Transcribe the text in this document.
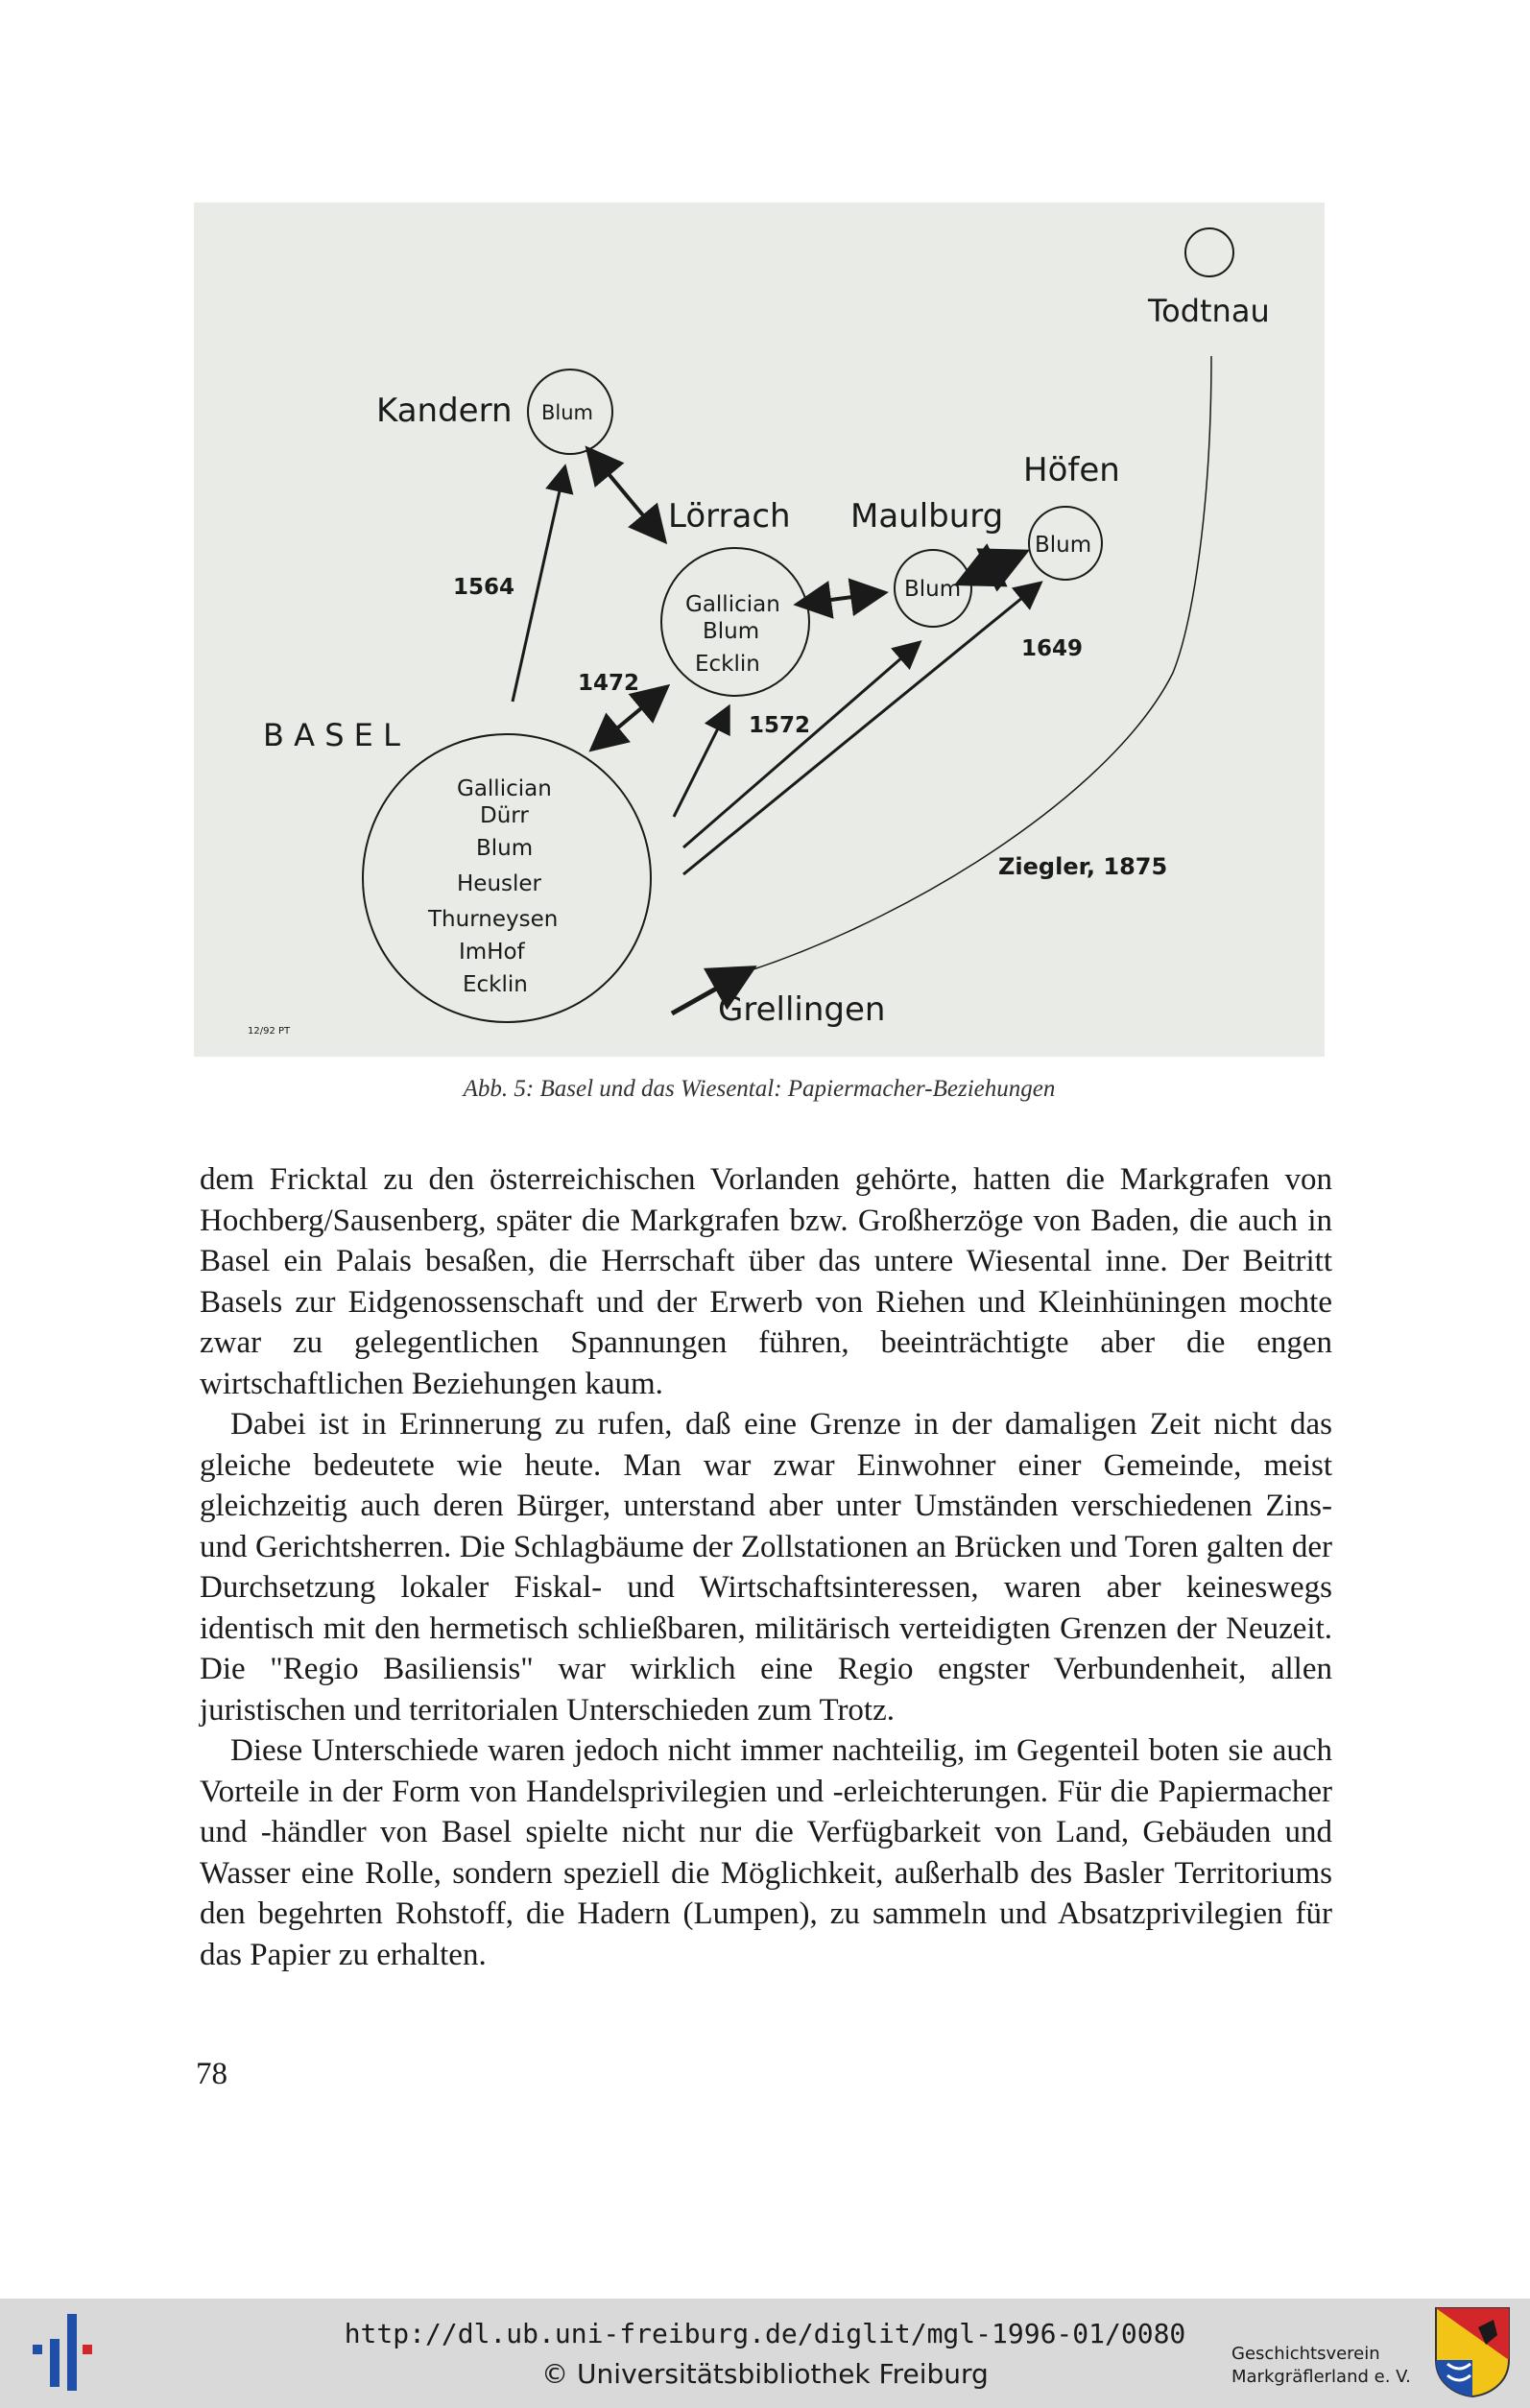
Todtnau
Kandern
Lörrach Maulburg
Höfen
B A S E L
Grellingen
Blum
Gallician
Blum
Ecklin
Blum
Blum
Gallician
Dürr
Blum
Heusler
Thurneysen
ImHof
Ecklin
1564
1472
1572
1649
Ziegler, 1875
12/92 PT
Abb. 5: Basel und das Wiesental: Papiermacher-Beziehungen

dem Fricktal zu den österreichischen Vorlanden gehörte, hatten die Markgrafen von Hochberg/Sausenberg, später die Markgrafen bzw. Großherzöge von Baden, die auch in Basel ein Palais besaßen, die Herrschaft über das untere Wiesental inne. Der Beitritt Basels zur Eidgenossenschaft und der Erwerb von Riehen und Kleinhüningen mochte zwar zu gelegentlichen Spannungen führen, beeinträchtigte aber die engen wirtschaftlichen Beziehungen kaum.

Dabei ist in Erinnerung zu rufen, daß eine Grenze in der damaligen Zeit nicht das gleiche bedeutete wie heute. Man war zwar Einwohner einer Gemeinde, meist gleichzeitig auch deren Bürger, unterstand aber unter Umständen verschiedenen Zins- und Gerichtsherren. Die Schlagbäume der Zollstationen an Brücken und Toren galten der Durchsetzung lokaler Fiskal- und Wirtschaftsinteressen, waren aber keineswegs identisch mit den hermetisch schließbaren, militärisch verteidigten Grenzen der Neuzeit. Die "Regio Basiliensis" war wirklich eine Regio engster Verbundenheit, allen juristischen und territorialen Unterschieden zum Trotz.

Diese Unterschiede waren jedoch nicht immer nachteilig, im Gegenteil boten sie auch Vorteile in der Form von Handelsprivilegien und -erleichterungen. Für die Papiermacher und -händler von Basel spielte nicht nur die Verfügbarkeit von Land, Gebäuden und Wasser eine Rolle, sondern speziell die Möglichkeit, außerhalb des Basler Territoriums den begehrten Rohstoff, die Hadern (Lumpen), zu sammeln und Absatzprivilegien für das Papier zu erhalten.

78
http://dl.ub.uni-freiburg.de/diglit/mgl-1996-01/0080
© Universitätsbibliothek Freiburg
Geschichtsverein
Markgräflerland e. V.
